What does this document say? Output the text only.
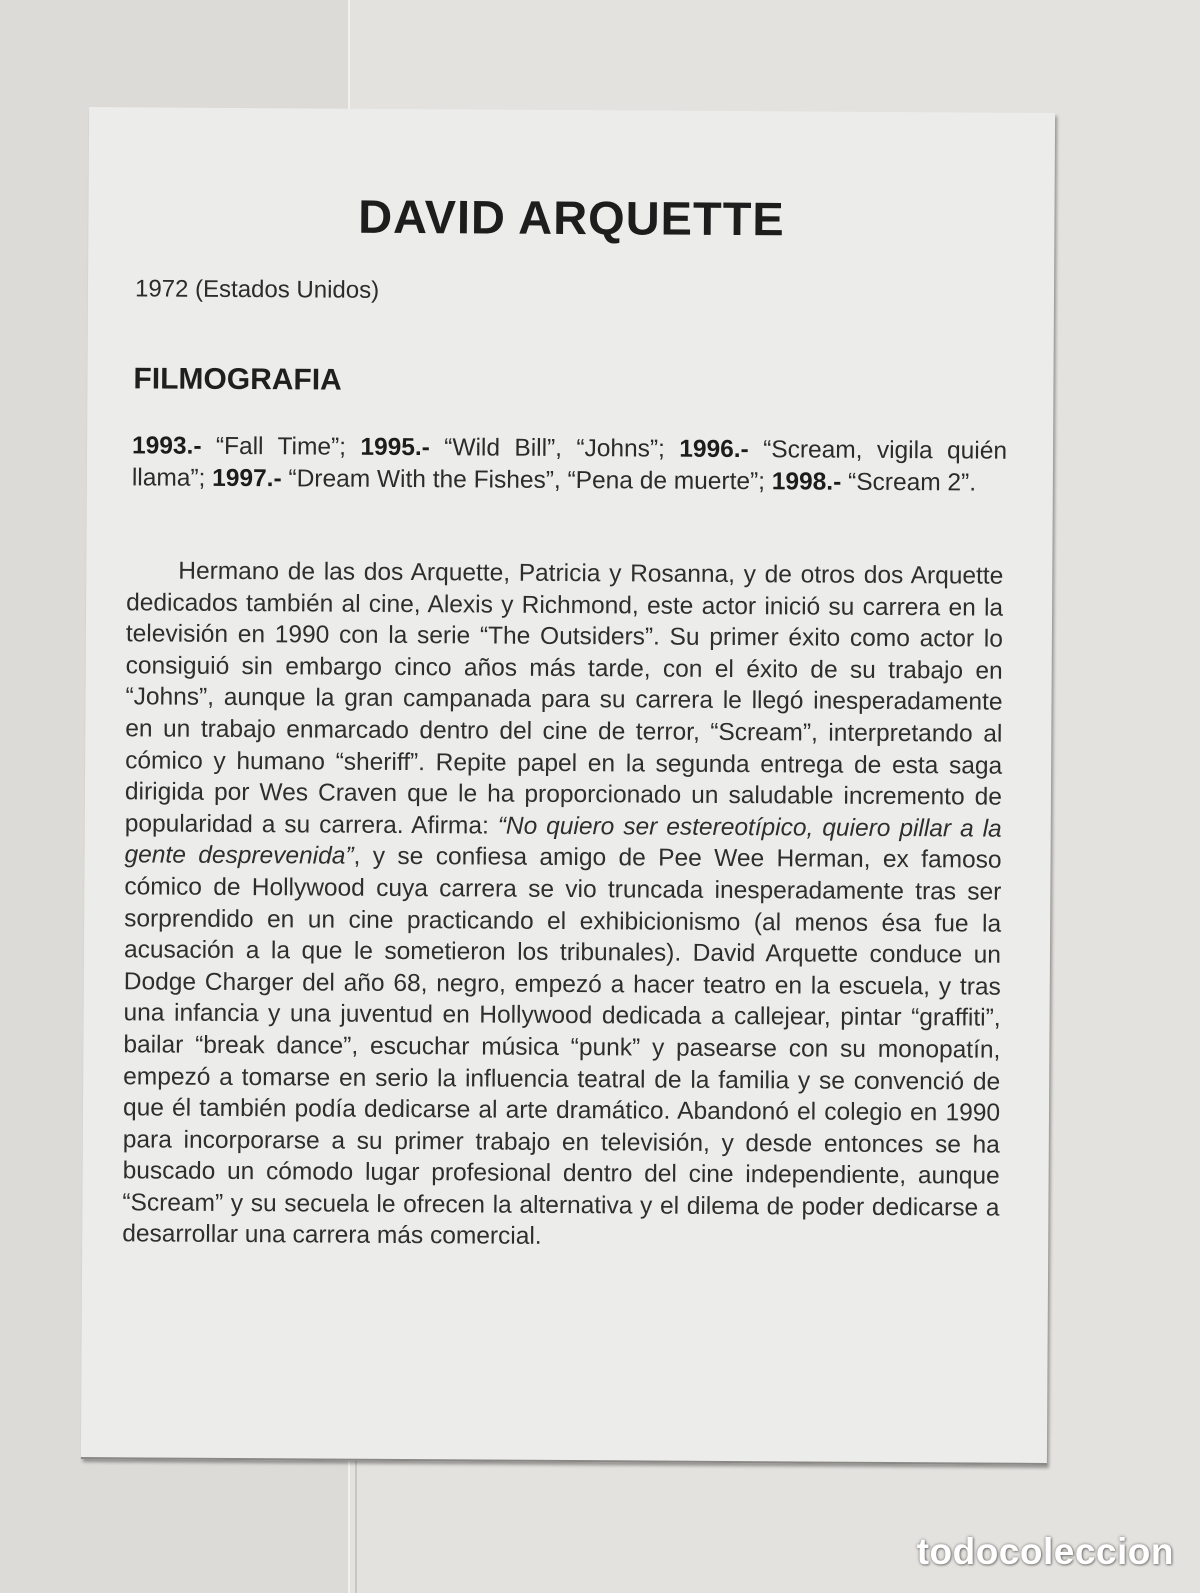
DAVID ARQUETTE
1972 (Estados Unidos)
FILMOGRAFIA
1993.- “Fall Time”; 1995.- “Wild Bill”, “Johns”; 1996.- “Scream, vigila quién llama”; 1997.- “Dream With the Fishes”, “Pena de muerte”; 1998.- “Scream 2”.
Hermano de las dos Arquette, Patricia y Rosanna, y de otros dos Arquette dedicados también al cine, Alexis y Richmond, este actor inició su carrera en la televisión en 1990 con la serie “The Outsiders”. Su primer éxito como actor lo consiguió sin embargo cinco años más tarde, con el éxito de su trabajo en “Johns”, aunque la gran campanada para su carrera le llegó inesperadamente en un trabajo enmarcado dentro del cine de terror, “Scream”, interpretando al cómico y humano “sheriff”. Repite papel en la segunda entrega de esta saga dirigida por Wes Craven que le ha proporcionado un saludable incremento de popularidad a su carrera. Afirma: “No quiero ser estereotípico, quiero pillar a la gente desprevenida”, y se confiesa amigo de Pee Wee Herman, ex famoso cómico de Hollywood cuya carrera se vio truncada inesperadamente tras ser sorprendido en un cine practicando el exhibicionismo (al menos ésa fue la acusación a la que le sometieron los tribunales). David Arquette conduce un Dodge Charger del año 68, negro, empezó a hacer teatro en la escuela, y tras una infancia y una juventud en Hollywood dedicada a callejear, pintar “graffiti”, bailar “break dance”, escuchar música “punk” y pasearse con su monopatín, empezó a tomarse en serio la influencia teatral de la familia y se convenció de que él también podía dedicarse al arte dramático. Abandonó el colegio en 1990 para incorporarse a su primer trabajo en televisión, y desde entonces se ha buscado un cómodo lugar profesional dentro del cine independiente, aunque “Scream” y su secuela le ofrecen la alternativa y el dilema de poder dedicarse a desarrollar una carrera más comercial.
todocoleccion
